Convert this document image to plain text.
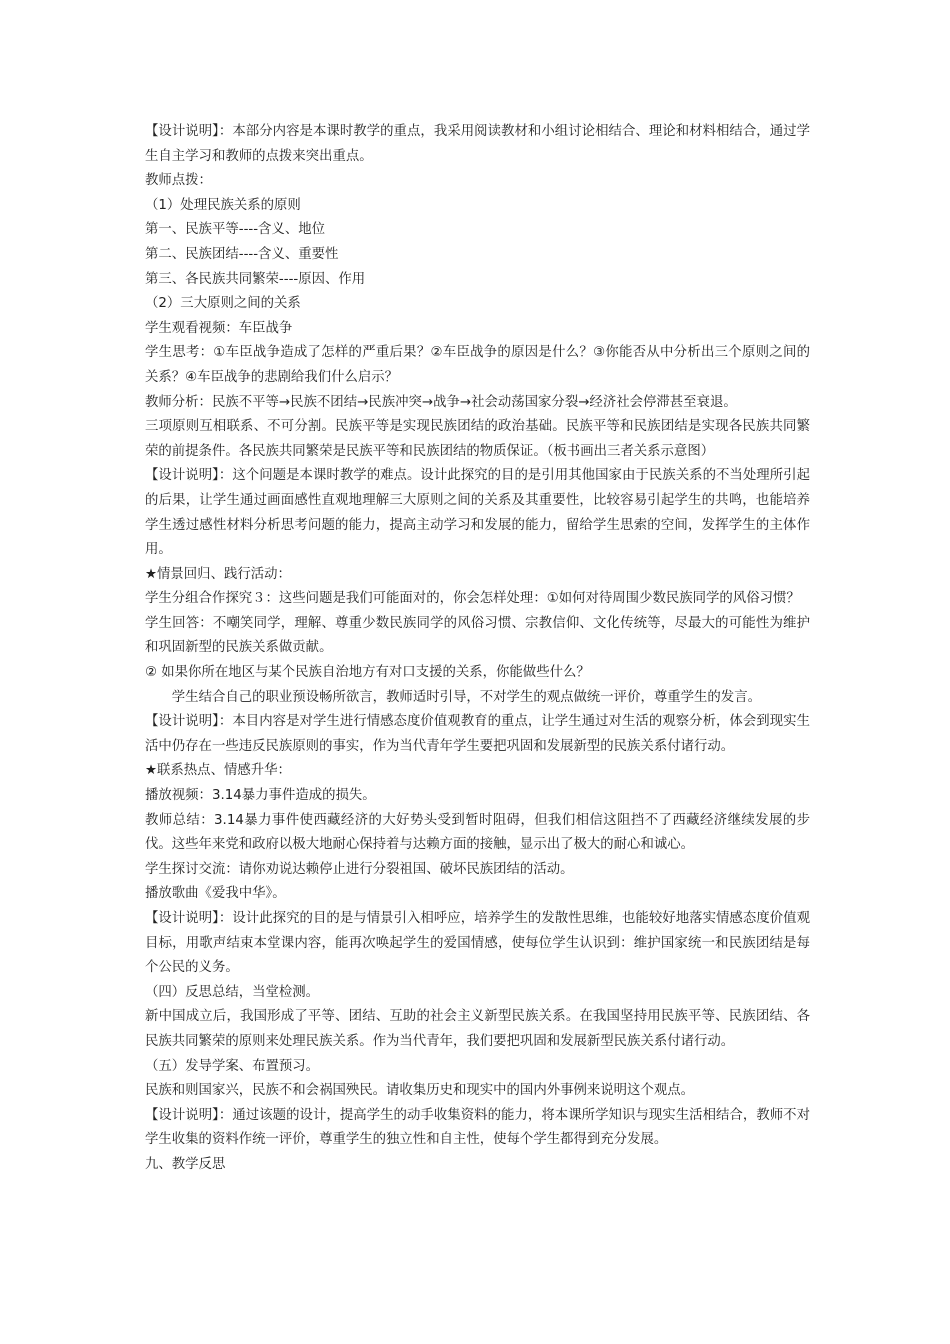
【设计说明】：本部分内容是本课时教学的重点，我采用阅读教材和小组讨论相结合、理论和材料相结合，通过学生自主学习和教师的点拨来突出重点。

教师点拨：

（1）处理民族关系的原则

第一、民族平等----含义、地位

第二、民族团结----含义、重要性

第三、各民族共同繁荣----原因、作用

（2）三大原则之间的关系

学生观看视频：车臣战争

学生思考：①车臣战争造成了怎样的严重后果？②车臣战争的原因是什么？③你能否从中分析出三个原则之间的关系？④车臣战争的悲剧给我们什么启示？

教师分析：民族不平等→民族不团结→民族冲突→战争→社会动荡国家分裂→经济社会停滞甚至衰退。

三项原则互相联系、不可分割。民族平等是实现民族团结的政治基础。民族平等和民族团结是实现各民族共同繁荣的前提条件。各民族共同繁荣是民族平等和民族团结的物质保证。（板书画出三者关系示意图）

【设计说明】：这个问题是本课时教学的难点。设计此探究的目的是引用其他国家由于民族关系的不当处理所引起的后果，让学生通过画面感性直观地理解三大原则之间的关系及其重要性，比较容易引起学生的共鸣，也能培养学生透过感性材料分析思考问题的能力，提高主动学习和发展的能力，留给学生思索的空间，发挥学生的主体作用。

★情景回归、践行活动：

学生分组合作探究３：这些问题是我们可能面对的，你会怎样处理：①如何对待周围少数民族同学的风俗习惯？

学生回答：不嘲笑同学，理解、尊重少数民族同学的风俗习惯、宗教信仰、文化传统等，尽最大的可能性为维护和巩固新型的民族关系做贡献。

② 如果你所在地区与某个民族自治地方有对口支援的关系，你能做些什么？

学生结合自己的职业预设畅所欲言，教师适时引导，不对学生的观点做统一评价，尊重学生的发言。

【设计说明】：本目内容是对学生进行情感态度价值观教育的重点，让学生通过对生活的观察分析，体会到现实生活中仍存在一些违反民族原则的事实，作为当代青年学生要把巩固和发展新型的民族关系付诸行动。

★联系热点、情感升华：

播放视频：3.14暴力事件造成的损失。

教师总结：3.14暴力事件使西藏经济的大好势头受到暂时阻碍，但我们相信这阻挡不了西藏经济继续发展的步伐。这些年来党和政府以极大地耐心保持着与达赖方面的接触，显示出了极大的耐心和诚心。

学生探讨交流：请你劝说达赖停止进行分裂祖国、破坏民族团结的活动。

播放歌曲《爱我中华》。

【设计说明】：设计此探究的目的是与情景引入相呼应，培养学生的发散性思维，也能较好地落实情感态度价值观目标，用歌声结束本堂课内容，能再次唤起学生的爱国情感，使每位学生认识到：维护国家统一和民族团结是每个公民的义务。

（四）反思总结，当堂检测。

新中国成立后，我国形成了平等、团结、互助的社会主义新型民族关系。在我国坚持用民族平等、民族团结、各民族共同繁荣的原则来处理民族关系。作为当代青年，我们要把巩固和发展新型民族关系付诸行动。

（五）发导学案、布置预习。

民族和则国家兴，民族不和会祸国殃民。请收集历史和现实中的国内外事例来说明这个观点。

【设计说明】：通过该题的设计，提高学生的动手收集资料的能力，将本课所学知识与现实生活相结合，教师不对学生收集的资料作统一评价，尊重学生的独立性和自主性，使每个学生都得到充分发展。

九、教学反思
